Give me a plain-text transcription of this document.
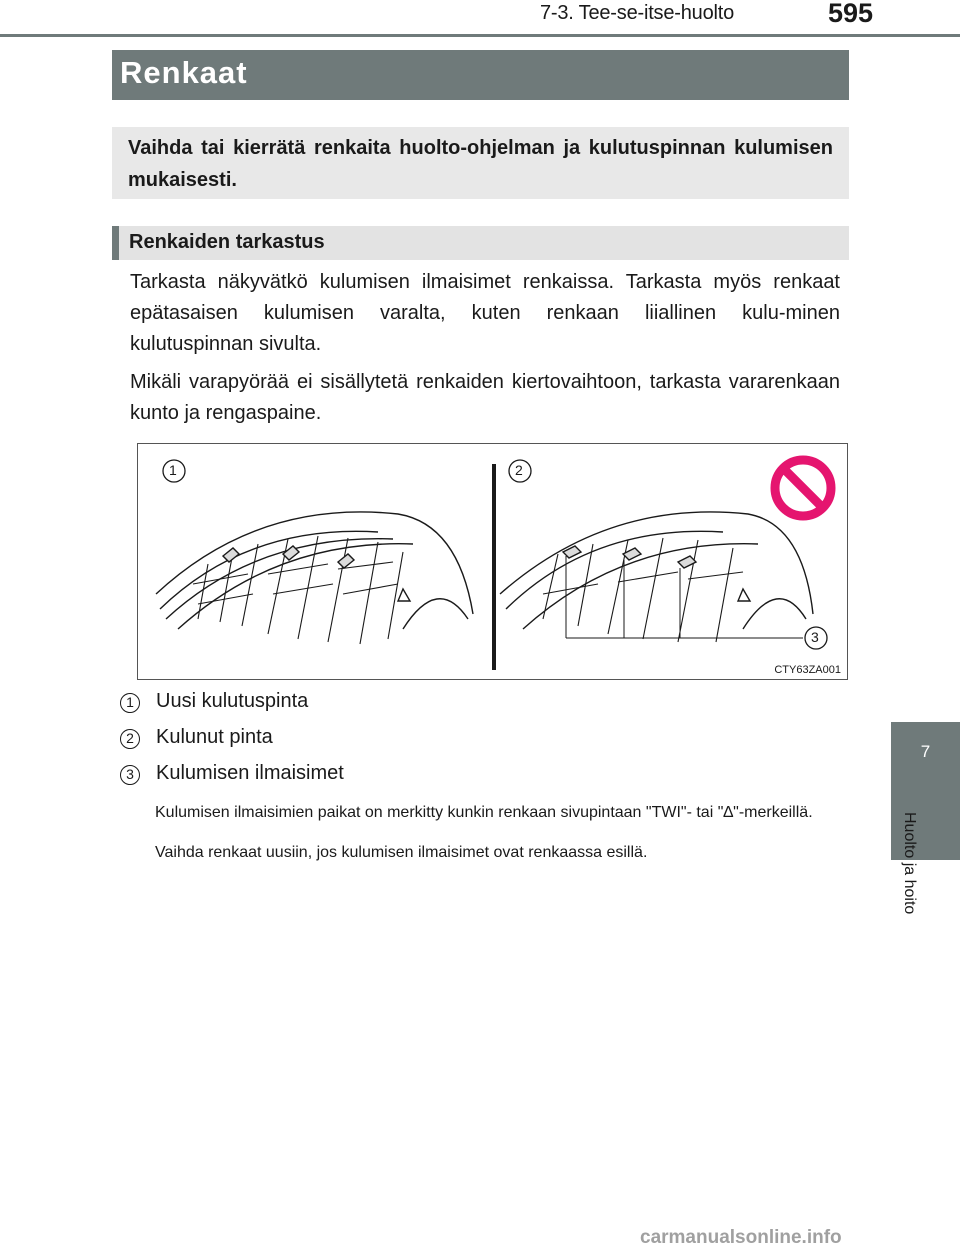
7-3. Tee-se-itse-huolto	595
Renkaat
Vaihda tai kierrätä renkaita huolto-ohjelman ja kulutuspinnan kulumisen mukaisesti.
Renkaiden tarkastus
Tarkasta näkyvätkö kulumisen ilmaisimet renkaissa. Tarkasta myös renkaat epätasaisen kulumisen varalta, kuten renkaan liiallinen kulu-minen kulutuspinnan sivulta.
Mikäli varapyörää ei sisällytetä renkaiden kiertovaihtoon, tarkasta vararenkaan kunto ja rengaspaine.
1	2
3
CTY63ZA001
1	Uusi kulutuspinta
2	Kulunut pinta
3	Kulumisen ilmaisimet
Kulumisen ilmaisimien paikat on merkitty kunkin renkaan sivupintaan "TWI"- tai "∆"-merkeillä.
Vaihda renkaat uusiin, jos kulumisen ilmaisimet ovat renkaassa esillä.
7
Huolto ja hoito
carmanualsonline.info
